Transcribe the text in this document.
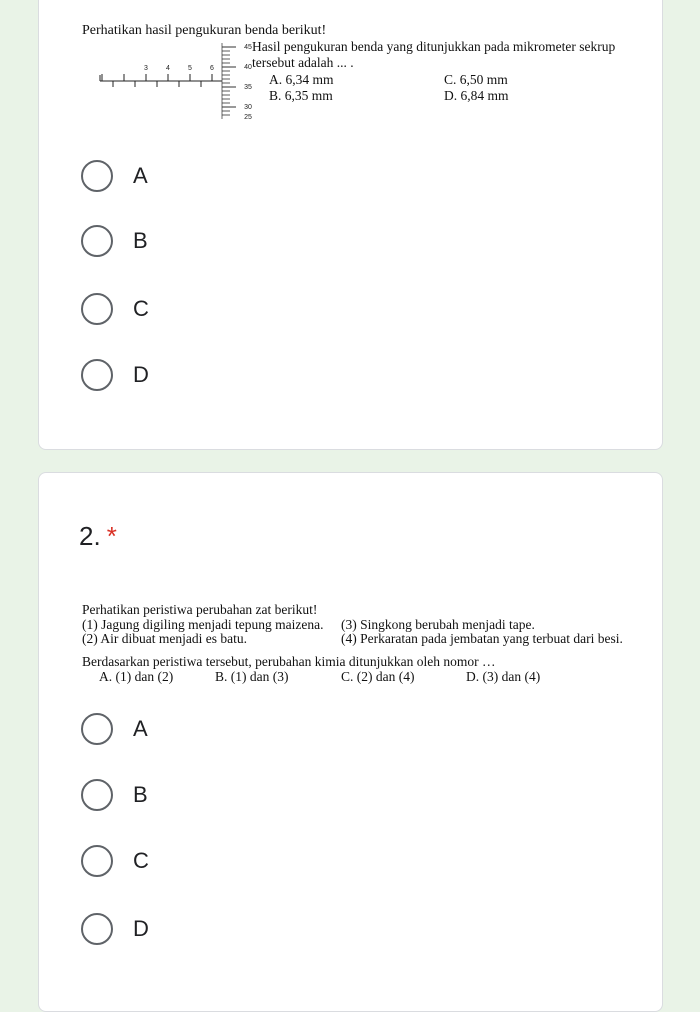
Perhatikan hasil pengukuran benda berikut!
3	4	5	6
45
40
35
30
25
Hasil pengukuran benda yang ditunjukkan pada mikrometer sekrup
tersebut adalah ... .
A. 6,34 mm
B. 6,35 mm
C. 6,50 mm
D. 6,84 mm
A
B
C
D
2. *
Perhatikan peristiwa perubahan zat berikut!
(1) Jagung digiling menjadi tepung maizena.
(2) Air dibuat menjadi es batu.
(3) Singkong berubah menjadi tape.
(4) Perkaratan pada jembatan yang terbuat dari besi.
Berdasarkan peristiwa tersebut, perubahan kimia ditunjukkan oleh nomor …
A. (1) dan (2)	B. (1) dan (3)	C. (2) dan (4)	D. (3) dan (4)
A
B
C
D
